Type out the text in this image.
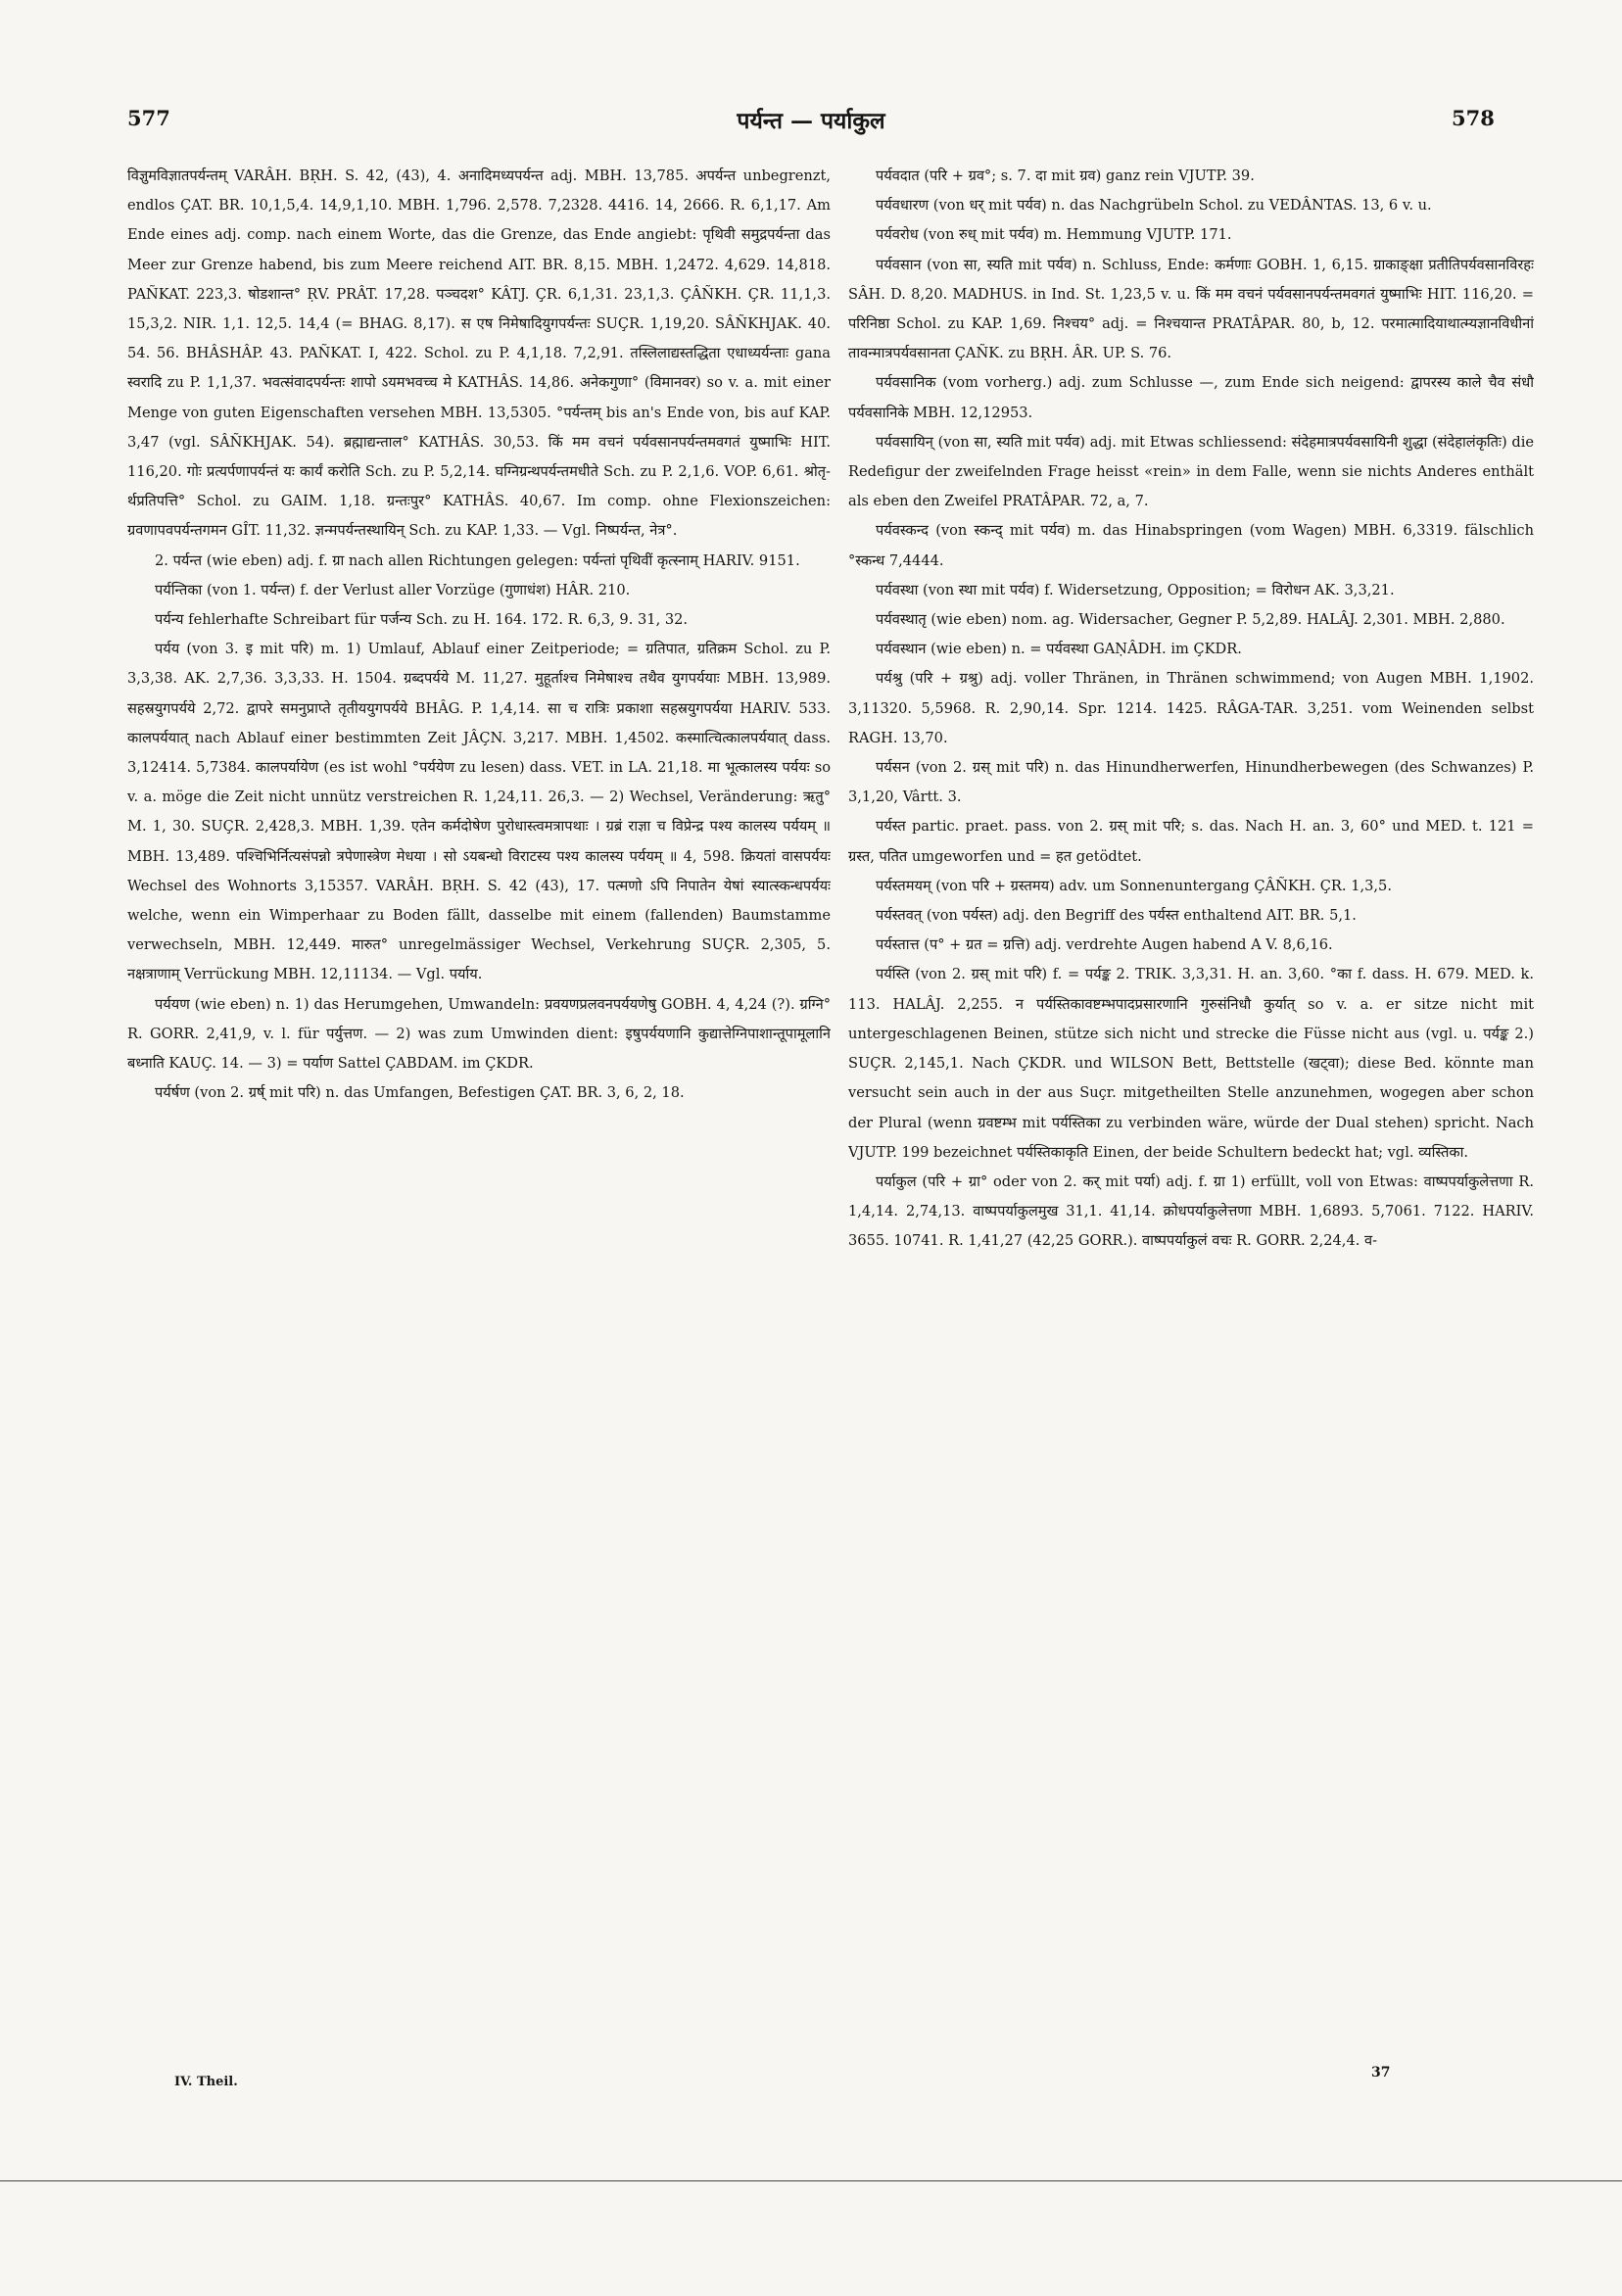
577	पर्यन्त — पर्याकुल	578

विज्ञुमविज्ञातपर्यन्तम् VARÂH. BṚH. S. 42, (43), 4. अनादिमध्यपर्यन्त adj. MBH. 13,785. अपर्यन्त unbegrenzt, endlos ÇAT. BR. 10,1,5,4. 14,9,1,10. MBH. 1,796. 2,578. 7,2328. 4416. 14, 2666. R. 6,1,17. Am Ende eines adj. comp. nach einem Worte, das die Grenze, das Ende angiebt: पृथिवी समुद्रपर्यन्ता das Meer zur Grenze habend, bis zum Meere reichend AIT. BR. 8,15. MBH. 1,2472. 4,629. 14,818. PAÑKAT. 223,3. षोडशान्त° ṚV. PRÂT. 17,28. पञ्चदश° KÂTJ. ÇR. 6,1,31. 23,1,3. ÇÂÑKH. ÇR. 11,1,3. 15,3,2. NIR. 1,1. 12,5. 14,4 (= BHAG. 8,17). स एष निमेषादियुगपर्यन्तः SUÇR. 1,19,20. SÂÑKHJAK. 40. 54. 56. BHÂSHÂP. 43. PAÑKAT. I, 422. Schol. zu P. 4,1,18. 7,2,91. तस्लिलाद्यस्तद्धिता एधाध्यर्यन्ताः gana स्वरादि zu P. 1,1,37. भवत्संवादपर्यन्तः शापो ऽयमभवच्च मे KATHÂS. 14,86. अनेकगुणा° (विमानवर) so v. a. mit einer Menge von guten Eigenschaften versehen MBH. 13,5305. °पर्यन्तम् bis an's Ende von, bis auf KAP. 3,47 (vgl. SÂÑKHJAK. 54). ब्रह्माद्यन्ताल° KATHÂS. 30,53. किं मम वचनं पर्यवसानपर्यन्तमवगतं युष्माभिः HIT. 116,20. गोः प्रत्यर्पणापर्यन्तं यः कार्यं करोति Sch. zu P. 5,2,14. घग्निग्रन्थपर्यन्तमधीते Sch. zu P. 2,1,6. VOP. 6,61. श्रोतृ-र्थप्रतिपत्ति° Schol. zu GAIM. 1,18. ग्रन्तःपुर° KATHÂS. 40,67. Im comp. ohne Flexionszeichen: ग्रवणापवपर्यन्तगमन GÎT. 11,32. ज्ञन्मपर्यन्तस्थायिन् Sch. zu KAP. 1,33. — Vgl. निष्पर्यन्त, नेत्र°.

2. पर्यन्त (wie eben) adj. f. ग्रा nach allen Richtungen gelegen: पर्यन्तां पृथिवीं कृत्स्नाम् HARIV. 9151.

पर्यन्तिका (von 1. पर्यन्त) f. der Verlust aller Vorzüge (गुणाधंश) HÂR. 210.

पर्यन्य fehlerhafte Schreibart für पर्जन्य Sch. zu H. 164. 172. R. 6,3, 9. 31, 32.

पर्यय (von 3. इ mit परि) m. 1) Umlauf, Ablauf einer Zeitperiode; = ग्रतिपात, ग्रतिक्रम Schol. zu P. 3,3,38. AK. 2,7,36. 3,3,33. H. 1504. ग्रब्दपर्यये M. 11,27. मुहूर्ताश्च निमेषाश्च तथैव युगपर्ययाः MBH. 13,989. सहस्रयुगपर्यये 2,72. द्वापरे समनुप्राप्ते तृतीययुगपर्यये BHÂG. P. 1,4,14. सा च रात्रिः प्रकाशा सहस्रयुगपर्यया HARIV. 533. कालपर्ययात् nach Ablauf einer bestimmten Zeit JÂÇN. 3,217. MBH. 1,4502. कस्मात्चित्कालपर्ययात् dass. 3,12414. 5,7384. कालपर्यायेण (es ist wohl °पर्ययेण zu lesen) dass. VET. in LA. 21,18. मा भूत्कालस्य पर्ययः so v. a. möge die Zeit nicht unnütz verstreichen R. 1,24,11. 26,3. — 2) Wechsel, Veränderung: ऋतु° M. 1, 30. SUÇR. 2,428,3. MBH. 1,39. एतेन कर्मदोषेण पुरोधास्त्वमत्रापथाः । ग्रब्रं राज्ञा च विप्रेन्द्र पश्य कालस्य पर्ययम् ॥ MBH. 13,489. पश्चिभिर्नित्यसंपन्नो त्रपेणास्त्रेण मेधया । सो ऽयबन्धो विराटस्य पश्य कालस्य पर्ययम् ॥ 4, 598. क्रियतां वासपर्ययः Wechsel des Wohnorts 3,15357. VARÂH. BṚH. S. 42 (43), 17. पत्मणो ऽपि निपातेन येषां स्यात्स्कन्धपर्ययः welche, wenn ein Wimperhaar zu Boden fällt, dasselbe mit einem (fallenden) Baumstamme verwechseln, MBH. 12,449. मारुत° unregelmässiger Wechsel, Verkehrung SUÇR. 2,305, 5. नक्षत्राणाम् Verrückung MBH. 12,11134. — Vgl. पर्याय.

पर्ययण (wie eben) n. 1) das Herumgehen, Umwandeln: प्रवयणप्रलवनपर्ययणेषु GOBH. 4, 4,24 (?). ग्रग्नि° R. GORR. 2,41,9, v. l. für पर्युत्तण. — 2) was zum Umwinden dient: इषुपर्ययणानि कुद्यात्तेग्निपाशान्तूपामूलानि बध्नाति KAUÇ. 14. — 3) = पर्याण Sattel ÇABDAM. im ÇKDR.

पर्यर्षण (von 2. ग्रर्ष् mit परि) n. das Umfangen, Befestigen ÇAT. BR. 3, 6, 2, 18.

IV. Theil.

पर्यवदात (परि + ग्रव°; s. 7. दा mit ग्रव) ganz rein VJUTP. 39.

पर्यवधारण (von धर् mit पर्यव) n. das Nachgrübeln Schol. zu VEDÂNTAS. 13, 6 v. u.

पर्यवरोध (von रुध् mit पर्यव) m. Hemmung VJUTP. 171.

पर्यवसान (von सा, स्यति mit पर्यव) n. Schluss, Ende: कर्मणाः GOBH. 1, 6,15. ग्राकाङ्क्षा प्रतीतिपर्यवसानविरहः SÂH. D. 8,20. MADHUS. in Ind. St. 1,23,5 v. u. किं मम वचनं पर्यवसानपर्यन्तमवगतं युष्माभिः HIT. 116,20. = परिनिष्ठा Schol. zu KAP. 1,69. निश्चय° adj. = निश्चयान्त PRATÂPAR. 80, b, 12. परमात्मादियाथात्म्यज्ञानविधीनां तावन्मात्रपर्यवसानता ÇAÑK. zu BṚH. ÂR. UP. S. 76.

पर्यवसानिक (vom vorherg.) adj. zum Schlusse —, zum Ende sich neigend: द्वापरस्य काले चैव संधौ पर्यवसानिके MBH. 12,12953.

पर्यवसायिन् (von सा, स्यति mit पर्यव) adj. mit Etwas schliessend: संदेहमात्रपर्यवसायिनी शुद्धा (संदेहालंकृतिः) die Redefigur der zweifelnden Frage heisst «rein» in dem Falle, wenn sie nichts Anderes enthält als eben den Zweifel PRATÂPAR. 72, a, 7.

पर्यवस्कन्द (von स्कन्द् mit पर्यव) m. das Hinabspringen (vom Wagen) MBH. 6,3319. fälschlich °स्कन्ध 7,4444.

पर्यवस्था (von स्था mit पर्यव) f. Widersetzung, Opposition; = विरोधन AK. 3,3,21.

पर्यवस्थातृ (wie eben) nom. ag. Widersacher, Gegner P. 5,2,89. HALÂJ. 2,301. MBH. 2,880.

पर्यवस्थान (wie eben) n. = पर्यवस्था GAṆÂDH. im ÇKDR.

पर्यश्रु (परि + ग्रश्रु) adj. voller Thränen, in Thränen schwimmend; von Augen MBH. 1,1902. 3,11320. 5,5968. R. 2,90,14. Spr. 1214. 1425. RÂGA-TAR. 3,251. vom Weinenden selbst RAGH. 13,70.

पर्यसन (von 2. ग्रस् mit परि) n. das Hinundherwerfen, Hinundherbewegen (des Schwanzes) P. 3,1,20, Vârtt. 3.

पर्यस्त partic. praet. pass. von 2. ग्रस् mit परि; s. das. Nach H. an. 3, 60° und MED. t. 121 = ग्रस्त, पतित umgeworfen und = हत getödtet.

पर्यस्तमयम् (von परि + ग्रस्तमय) adv. um Sonnenuntergang ÇÂÑKH. ÇR. 1,3,5.

पर्यस्तवत् (von पर्यस्त) adj. den Begriff des पर्यस्त enthaltend AIT. BR. 5,1.

पर्यस्तात्त (प° + ग्रत = ग्रत्ति) adj. verdrehte Augen habend A V. 8,6,16.

पर्यस्ति (von 2. ग्रस् mit परि) f. = पर्यङ्क 2. TRIK. 3,3,31. H. an. 3,60. °का f. dass. H. 679. MED. k. 113. HALÂJ. 2,255. न पर्यस्तिकावष्टम्भपादप्रसारणानि गुरुसंनिधौ कुर्यात् so v. a. er sitze nicht mit untergeschlagenen Beinen, stütze sich nicht und strecke die Füsse nicht aus (vgl. u. पर्यङ्क 2.) SUÇR. 2,145,1. Nach ÇKDR. und WILSON Bett, Bettstelle (खट्वा); diese Bed. könnte man versucht sein auch in der aus Suçr. mitgetheilten Stelle anzunehmen, wogegen aber schon der Plural (wenn ग्रवष्टम्भ mit पर्यस्तिका zu verbinden wäre, würde der Dual stehen) spricht. Nach VJUTP. 199 bezeichnet पर्यस्तिकाकृति Einen, der beide Schultern bedeckt hat; vgl. व्यस्तिका.

पर्याकुल (परि + ग्रा° oder von 2. कर् mit पर्या) adj. f. ग्रा 1) erfüllt, voll von Etwas: वाष्पपर्याकुलेत्तणा R. 1,4,14. 2,74,13. वाष्पपर्याकुलमुख 31,1. 41,14. क्रोधपर्याकुलेत्तणा MBH. 1,6893. 5,7061. 7122. HARIV. 3655. 10741. R. 1,41,27 (42,25 GORR.). वाष्पपर्याकुलं वचः R. GORR. 2,24,4. व-

37
